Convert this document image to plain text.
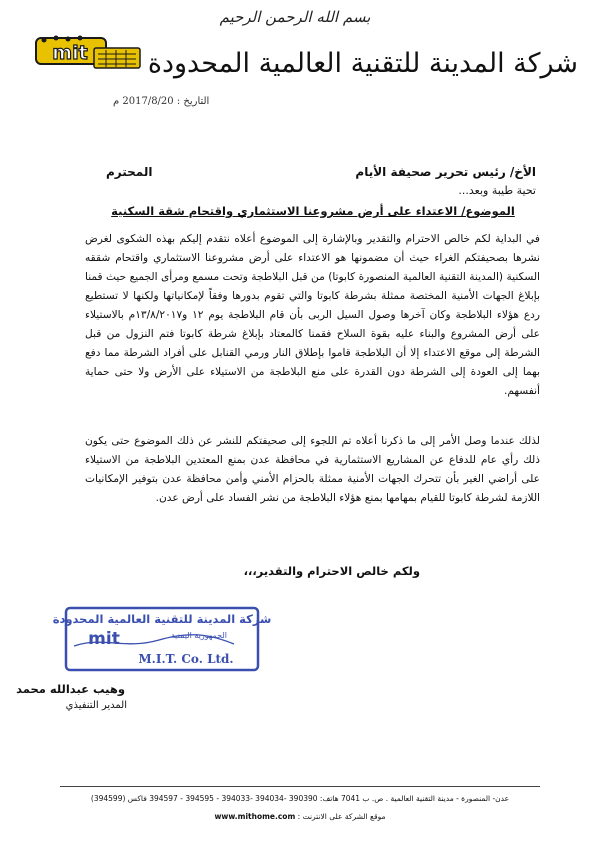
بسم الله الرحمن الرحيم
mit شركة المدينة للتقنية العالمية المحدودة
التاريخ : 2017/8/20 م
الأخ/ رئيس تحرير صحيفة الأيام
المحترم
تحية طيبة وبعد...
الموضوع/ الاعتداء على أرض مشروعنا الاستثماري واقتحام شقة السكنية
في البداية لكم خالص الاحترام والتقدير وبالإشارة إلى الموضوع أعلاه نتقدم إليكم بهذه الشكوى لغرض نشرها بصحيفتكم الغراء حيث أن مضمونها هو الاعتداء على أرض مشروعنا الاستثماري واقتحام شققه السكنية (المدينة التقنية العالمية المنصورة كابوتا) من قبل البلاطجة وتحت مسمع ومرأى الجميع حيث قمنا بإبلاغ الجهات الأمنية المختصة ممثلة بشرطة كابوتا والتي تقوم بدورها وفقاً لإمكانياتها ولكنها لا تستطيع ردع هؤلاء البلاطجة وكان آخرها وصول السيل الربى بأن قام البلاطجة يوم ١٢ و١٣/٨/٢٠١٧م بالاستيلاء على أرض المشروع والبناء عليه بقوة السلاح فقمنا كالمعتاد بإبلاغ شرطة كابوتا فتم النزول من قبل الشرطة إلى موقع الاعتداء إلا أن البلاطجة قاموا بإطلاق النار ورمي القنابل على أفراد الشرطة مما دفع بهما إلى العودة إلى الشرطة دون القدرة على منع البلاطجة من الاستيلاء على الأرض ولا حتى حماية أنفسهم.
لذلك عندما وصل الأمر إلى ما ذكرنا أعلاه تم اللجوء إلى صحيفتكم للنشر عن ذلك الموضوع حتى يكون ذلك رأي عام للدفاع عن المشاريع الاستثمارية في محافظة عدن بمنع المعتدين البلاطجة من الاستيلاء على أراضي الغير بأن تتحرك الجهات الأمنية ممثلة بالحزام الأمني وأمن محافظة عدن بتوفير الإمكانيات اللازمة لشرطة كابوتا للقيام بمهامها بمنع هؤلاء البلاطجة من نشر الفساد على أرض عدن.
ولكم خالص الاحترام والتقدير،،،
شركة المدينة للتقنية العالمية المحدودة
الجمهورية اليمنية
mit
M.I.T. Co. Ltd.
وهيب عبدالله محمد
المدير التنفيذي
عدن- المنصورة - مدينة التقنية العالمية . ص. ب 7041 هاتف: 390390 -394034 -394033 - 394595 - 394597 فاكس (394599)
موقع الشركة على الانترنت : www.mithome.com
